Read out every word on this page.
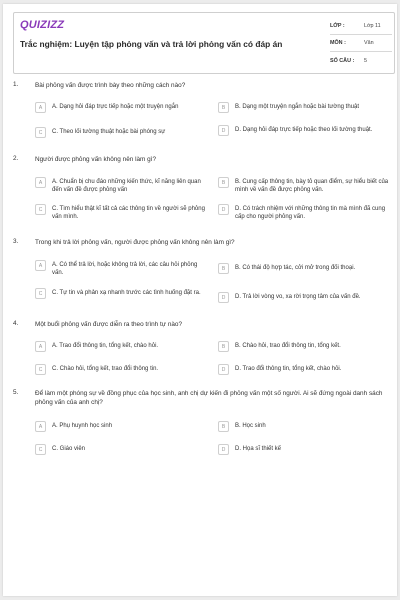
QUIZIZZ
Trắc nghiệm: Luyện tập phỏng vấn và trả lời phỏng vấn có đáp án
LỚP :	Lớp 11
MÔN :	Văn
SỐ CÂU :	5
1.	Bài phỏng vấn được trình bày theo những cách nào?
A	A. Dạng hỏi đáp trực tiếp hoặc một truyện ngắn	B	B. Dạng một truyện ngắn hoặc bài tường thuật
C	C. Theo lối tường thuật hoặc bài phóng sự	D	D. Dạng hỏi đáp trực tiếp hoặc theo lối tường thuật.
2.	Người được phỏng vấn không nên làm gì?
A	A. Chuẩn bị chu đáo những kiến thức, kĩ năng liên quan đến vấn đề được phỏng vấn
B	B. Cung cấp thông tin, bày tỏ quan điểm, sự hiểu biết của mình về vấn đề được phỏng vấn.
C	C. Tìm hiểu thật kĩ tất cả các thông tin về người sẽ phỏng vấn mình.
D	D. Có trách nhiệm với những thông tin mà mình đã cung cấp cho người phỏng vấn.
3.	Trong khi trả lời phỏng vấn, người được phỏng vấn không nên làm gì?
A	A. Có thể trả lời, hoặc không trả lời, các câu hỏi phỏng vấn.
B	B. Có thái độ hợp tác, cởi mở trong đối thoại.
C	C. Tự tin và phản xạ nhanh trước các tình huống đặt ra.
D	D. Trả lời vòng vo, xa rời trọng tâm của vấn đề.
4.	Một buổi phỏng vấn được diễn ra theo trình tự nào?
A	A. Trao đổi thông tin, tổng kết, chào hỏi.	B	B. Chào hỏi, trao đổi thông tin, tổng kết.
C	C. Chào hỏi, tổng kết, trao đổi thông tin.	D	D. Trao đổi thông tin, tổng kết, chào hỏi.
5.	Để làm một phóng sự về đồng phục của học sinh, anh chị dự kiến đi phỏng vấn một số người. Ai sẽ đứng ngoài danh sách phỏng vấn của anh chị?
A	A. Phụ huynh học sinh	B	B. Học sinh
C	C. Giáo viên	D	D. Họa sĩ thiết kế
